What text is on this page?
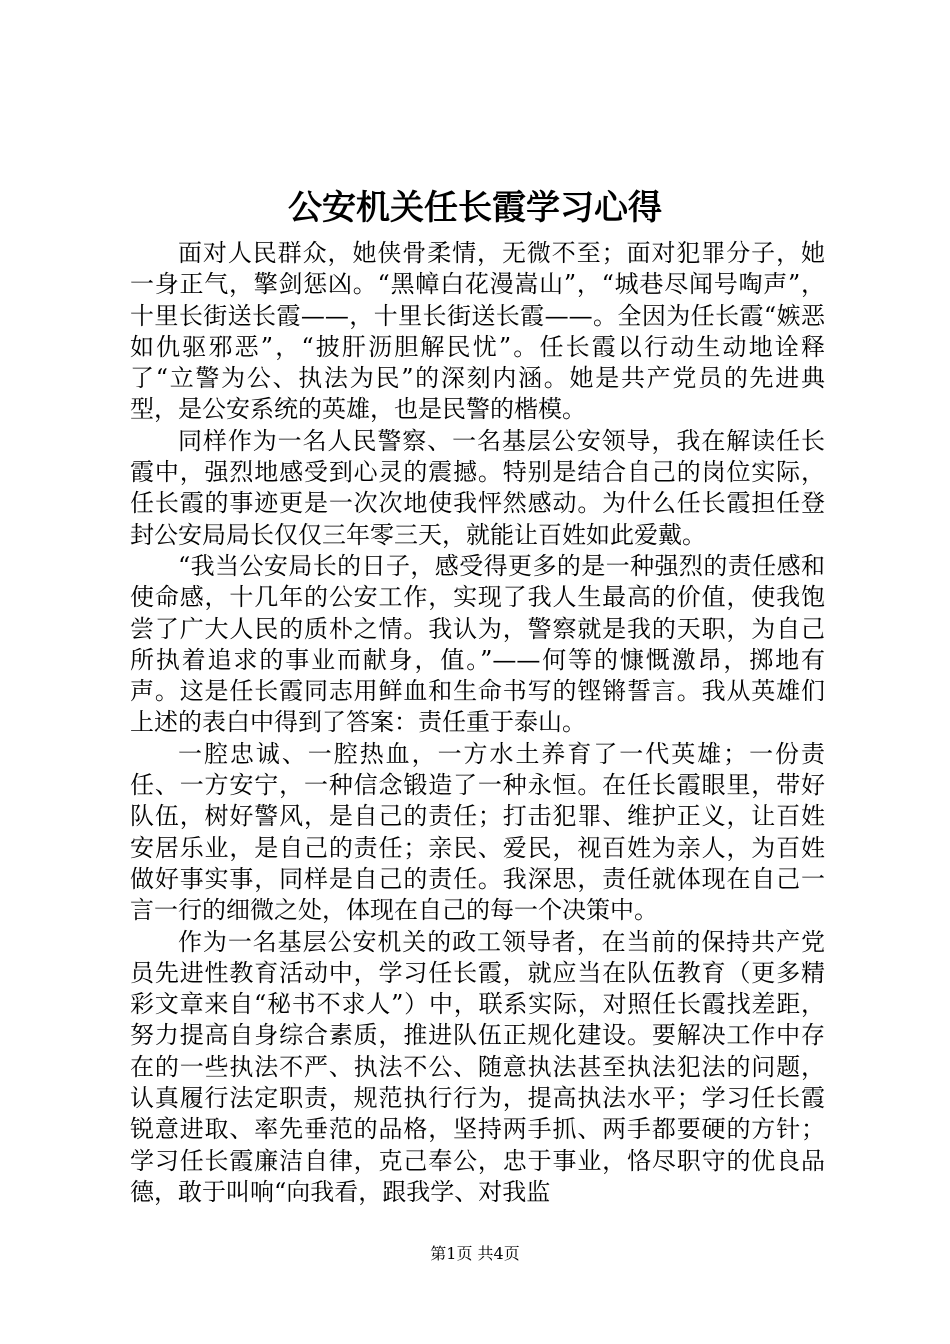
公安机关任长霞学习心得

面对人民群众，她侠骨柔情，无微不至；面对犯罪分子，她一身正气，擎剑惩凶。“黑幛白花漫嵩山”，“城巷尽闻号啕声”，十里长街送长霞——，十里长街送长霞——。全因为任长霞“嫉恶如仇驱邪恶”，“披肝沥胆解民忧”。任长霞以行动生动地诠释了“立警为公、执法为民”的深刻内涵。她是共产党员的先进典型，是公安系统的英雄，也是民警的楷模。

同样作为一名人民警察、一名基层公安领导，我在解读任长霞中，强烈地感受到心灵的震撼。特别是结合自己的岗位实际，任长霞的事迹更是一次次地使我怦然感动。为什么任长霞担任登封公安局局长仅仅三年零三天，就能让百姓如此爱戴。

“我当公安局长的日子，感受得更多的是一种强烈的责任感和使命感，十几年的公安工作，实现了我人生最高的价值，使我饱尝了广大人民的质朴之情。我认为，警察就是我的天职，为自己所执着追求的事业而献身，值。”——何等的慷慨激昂，掷地有声。这是任长霞同志用鲜血和生命书写的铿锵誓言。我从英雄们上述的表白中得到了答案：责任重于泰山。

一腔忠诚、一腔热血，一方水土养育了一代英雄；一份责任、一方安宁，一种信念锻造了一种永恒。在任长霞眼里，带好队伍，树好警风，是自己的责任；打击犯罪、维护正义，让百姓安居乐业，是自己的责任；亲民、爱民，视百姓为亲人，为百姓做好事实事，同样是自己的责任。我深思，责任就体现在自己一言一行的细微之处，体现在自己的每一个决策中。

作为一名基层公安机关的政工领导者，在当前的保持共产党员先进性教育活动中，学习任长霞，就应当在队伍教育（更多精彩文章来自“秘书不求人”）中，联系实际，对照任长霞找差距，努力提高自身综合素质，推进队伍正规化建设。要解决工作中存在的一些执法不严、执法不公、随意执法甚至执法犯法的问题，认真履行法定职责，规范执行行为，提高执法水平；学习任长霞锐意进取、率先垂范的品格，坚持两手抓、两手都要硬的方针；学习任长霞廉洁自律，克己奉公，忠于事业，恪尽职守的优良品德，敢于叫响“向我看，跟我学、对我监

第1页 共4页
